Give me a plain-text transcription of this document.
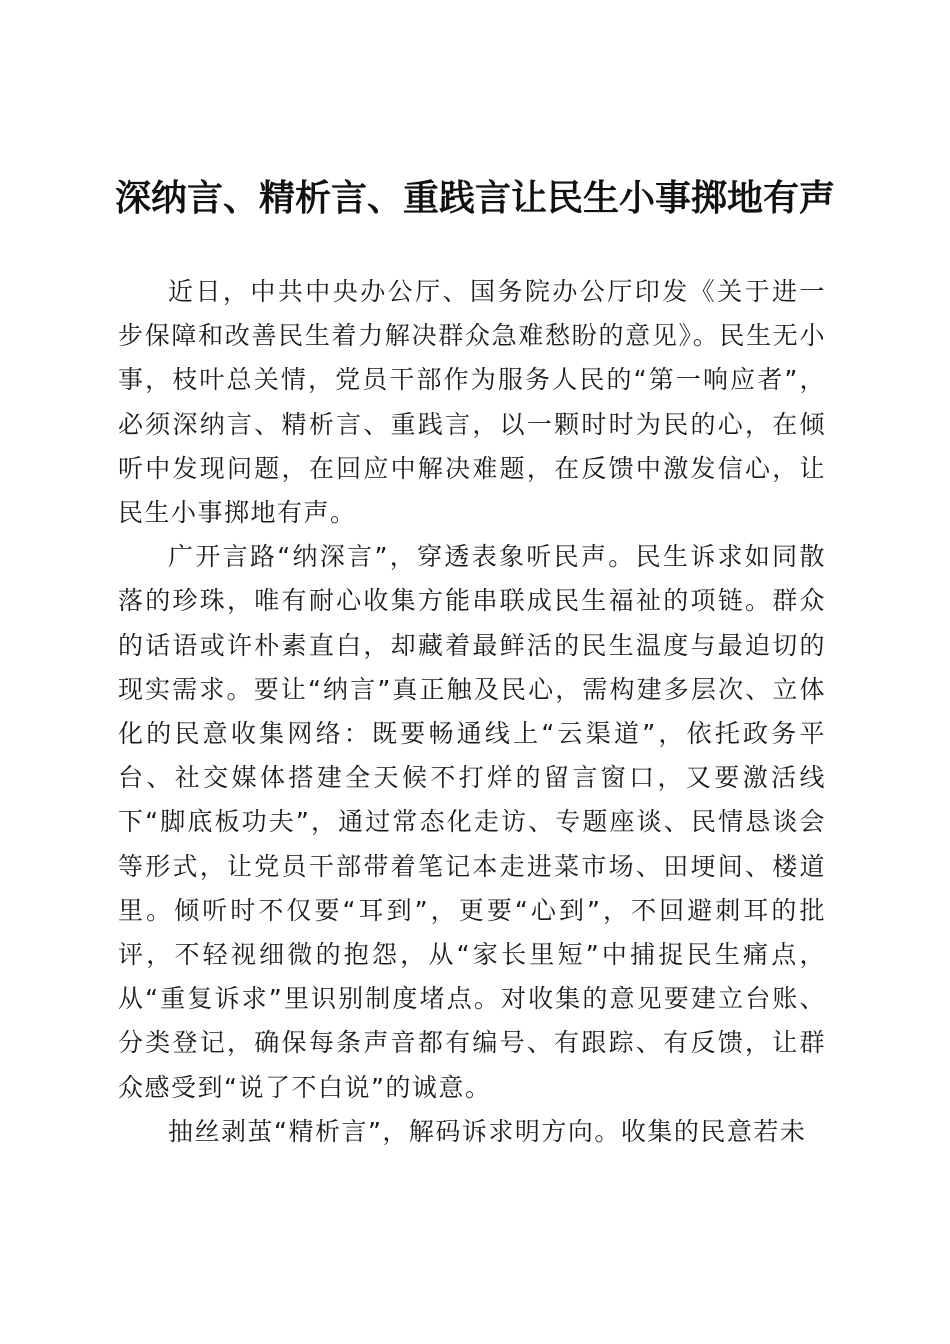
深纳言、精析言、重践言让民生小事掷地有声

近日，中共中央办公厅、国务院办公厅印发《关于进一步保障和改善民生着力解决群众急难愁盼的意见》。民生无小事，枝叶总关情，党员干部作为服务人民的“第一响应者”，必须深纳言、精析言、重践言，以一颗时时为民的心，在倾听中发现问题，在回应中解决难题，在反馈中激发信心，让民生小事掷地有声。

广开言路“纳深言”，穿透表象听民声。民生诉求如同散落的珍珠，唯有耐心收集方能串联成民生福祉的项链。群众的话语或许朴素直白，却藏着最鲜活的民生温度与最迫切的现实需求。要让“纳言”真正触及民心，需构建多层次、立体化的民意收集网络：既要畅通线上“云渠道”，依托政务平台、社交媒体搭建全天候不打烊的留言窗口，又要激活线下“脚底板功夫”，通过常态化走访、专题座谈、民情恳谈会等形式，让党员干部带着笔记本走进菜市场、田埂间、楼道里。倾听时不仅要“耳到”，更要“心到”，不回避刺耳的批评，不轻视细微的抱怨，从“家长里短”中捕捉民生痛点，从“重复诉求”里识别制度堵点。对收集的意见要建立台账、分类登记，确保每条声音都有编号、有跟踪、有反馈，让群众感受到“说了不白说”的诚意。

抽丝剥茧“精析言”，解码诉求明方向。收集的民意若未
